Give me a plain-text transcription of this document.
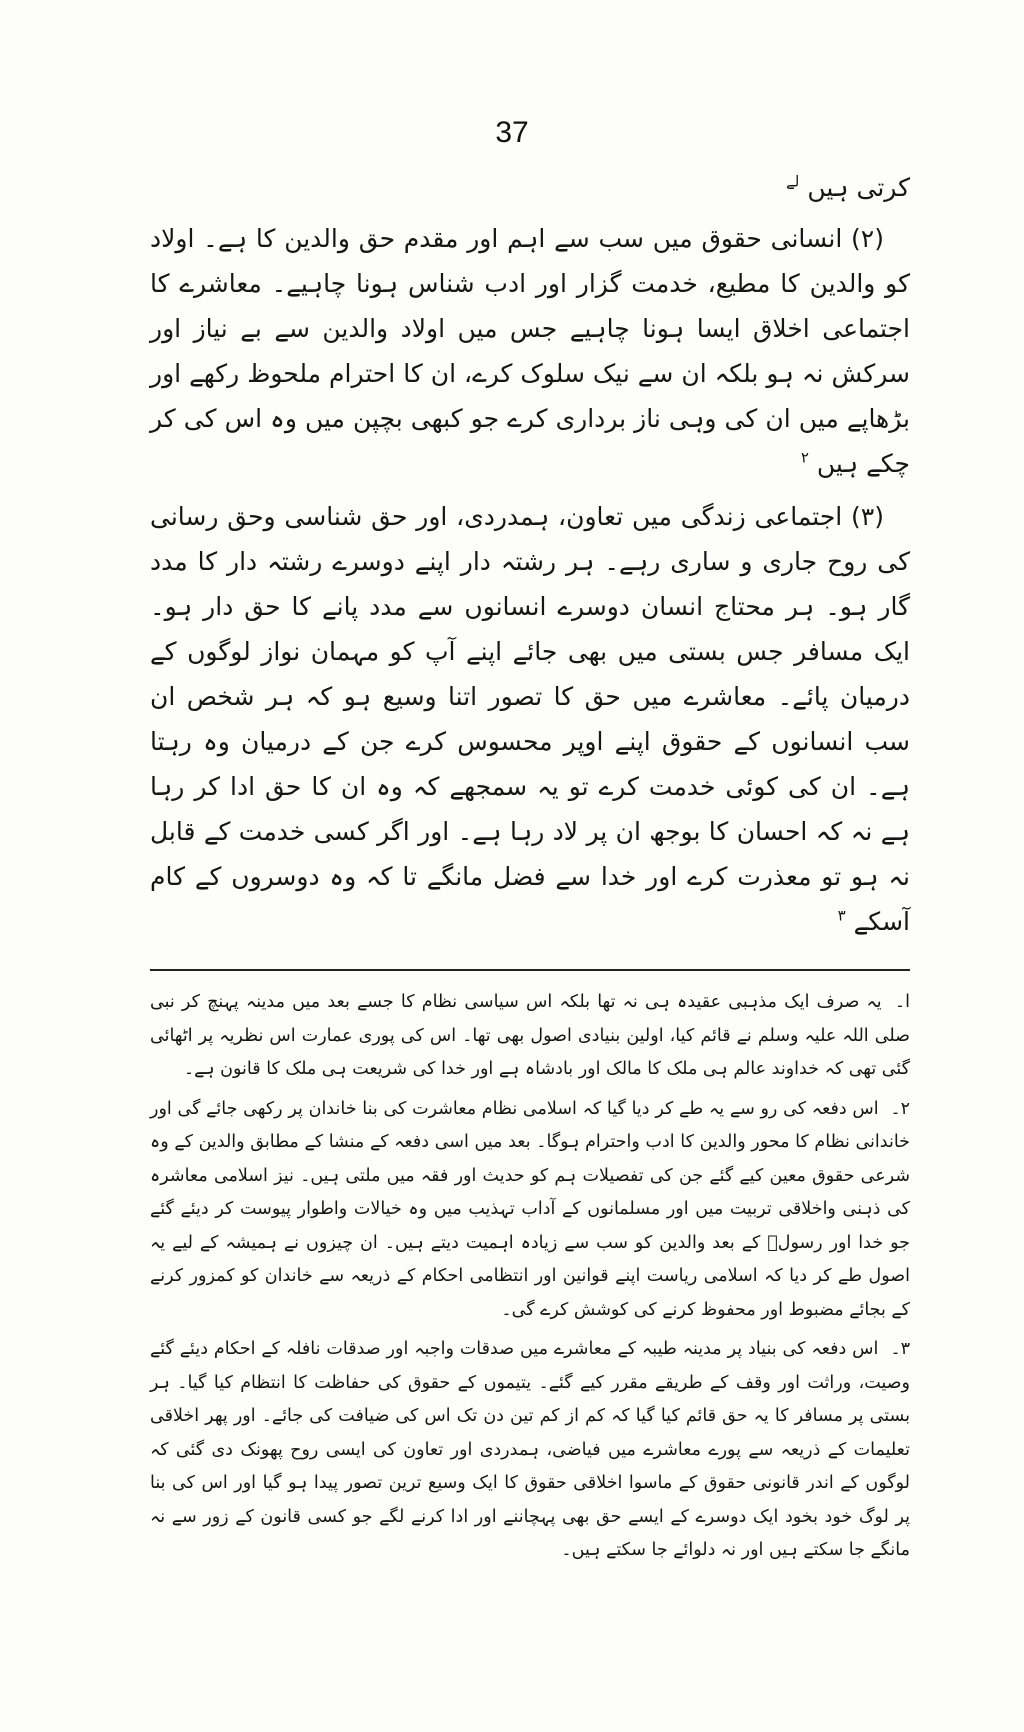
37

کرتی ہیں $^{لے}$

(۲) انسانی حقوق میں سب سے اہم اور مقدم حق والدین کا ہے۔ اولاد کو والدین کا مطیع، خدمت گزار اور ادب شناس ہونا چاہیے۔ معاشرے کا اجتماعی اخلاق ایسا ہونا چاہیے جس میں اولاد والدین سے بے نیاز اور سرکش نہ ہو بلکہ ان سے نیک سلوک کرے، ان کا احترام ملحوظ رکھے اور بڑھاپے میں ان کی وہی ناز برداری کرے جو کبھی بچپن میں وہ اس کی کر چکے ہیں $^۲$

(۳) اجتماعی زندگی میں تعاون، ہمدردی، اور حق شناسی وحق رسانی کی روح جاری و ساری رہے۔ ہر رشتہ دار اپنے دوسرے رشتہ دار کا مدد گار ہو۔ ہر محتاج انسان دوسرے انسانوں سے مدد پانے کا حق دار ہو۔ ایک مسافر جس بستی میں بھی جائے اپنے آپ کو مہمان نواز لوگوں کے درمیان پائے۔ معاشرے میں حق کا تصور اتنا وسیع ہو کہ ہر شخص ان سب انسانوں کے حقوق اپنے اوپر محسوس کرے جن کے درمیان وہ رہتا ہے۔ ان کی کوئی خدمت کرے تو یہ سمجھے کہ وہ ان کا حق ادا کر رہا ہے نہ کہ احسان کا بوجھ ان پر لاد رہا ہے۔ اور اگر کسی خدمت کے قابل نہ ہو تو معذرت کرے اور خدا سے فضل مانگے تا کہ وہ دوسروں کے کام آسکے $^۳$

ا۔ یہ صرف ایک مذہبی عقیدہ ہی نہ تھا بلکہ اس سیاسی نظام کا جسے بعد میں مدینہ پہنچ کر نبی صلی اللہ علیہ وسلم نے قائم کیا، اولین بنیادی اصول بھی تھا۔ اس کی پوری عمارت اس نظریہ پر اٹھائی گئی تھی کہ خداوند عالم ہی ملک کا مالک اور بادشاہ ہے اور خدا کی شریعت ہی ملک کا قانون ہے۔

۲۔ اس دفعہ کی رو سے یہ طے کر دیا گیا کہ اسلامی نظام معاشرت کی بنا خاندان پر رکھی جائے گی اور خاندانی نظام کا محور والدین کا ادب واحترام ہوگا۔ بعد میں اسی دفعہ کے منشا کے مطابق والدین کے وہ شرعی حقوق معین کیے گئے جن کی تفصیلات ہم کو حدیث اور فقہ میں ملتی ہیں۔ نیز اسلامی معاشرہ کی ذہنی واخلاقی تربیت میں اور مسلمانوں کے آداب تہذیب میں وہ خیالات واطوار پیوست کر دیئے گئے جو خدا اور رسولؐ کے بعد والدین کو سب سے زیادہ اہمیت دیتے ہیں۔ ان چیزوں نے ہمیشہ کے لیے یہ اصول طے کر دیا کہ اسلامی ریاست اپنے قوانین اور انتظامی احکام کے ذریعہ سے خاندان کو کمزور کرنے کے بجائے مضبوط اور محفوظ کرنے کی کوشش کرے گی۔

۳۔ اس دفعہ کی بنیاد پر مدینہ طیبہ کے معاشرے میں صدقات واجبہ اور صدقات نافلہ کے احکام دیئے گئے وصیت، وراثت اور وقف کے طریقے مقرر کیے گئے۔ یتیموں کے حقوق کی حفاظت کا انتظام کیا گیا۔ ہر بستی پر مسافر کا یہ حق قائم کیا گیا کہ کم از کم تین دن تک اس کی ضیافت کی جائے۔ اور پھر اخلاقی تعلیمات کے ذریعہ سے پورے معاشرے میں فیاضی، ہمدردی اور تعاون کی ایسی روح پھونک دی گئی کہ لوگوں کے اندر قانونی حقوق کے ماسوا اخلاقی حقوق کا ایک وسیع ترین تصور پیدا ہو گیا اور اس کی بنا پر لوگ خود بخود ایک دوسرے کے ایسے حق بھی پہچاننے اور ادا کرنے لگے جو کسی قانون کے زور سے نہ مانگے جا سکتے ہیں اور نہ دلوائے جا سکتے ہیں۔
